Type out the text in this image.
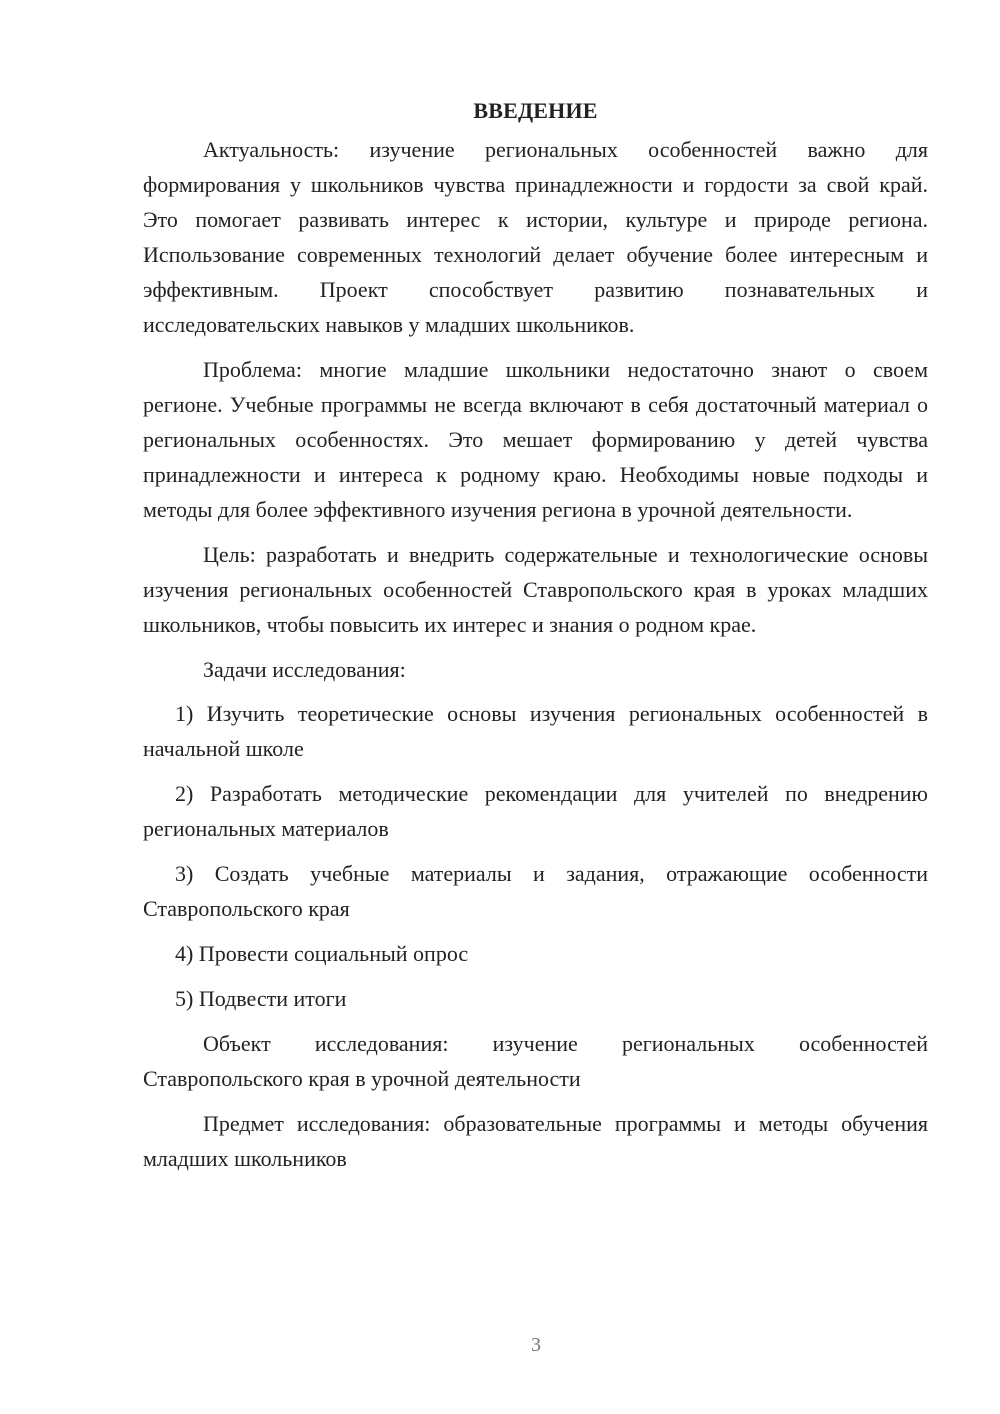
ВВЕДЕНИЕ

Актуальность: изучение региональных особенностей важно для формирования у школьников чувства принадлежности и гордости за свой край. Это помогает развивать интерес к истории, культуре и природе региона. Использование современных технологий делает обучение более интересным и эффективным. Проект способствует развитию познавательных и исследовательских навыков у младших школьников.

Проблема: многие младшие школьники недостаточно знают о своем регионе. Учебные программы не всегда включают в себя достаточный материал о региональных особенностях. Это мешает формированию у детей чувства принадлежности и интереса к родному краю. Необходимы новые подходы и методы для более эффективного изучения региона в урочной деятельности.

Цель: разработать и внедрить содержательные и технологические основы изучения региональных особенностей Ставропольского края в уроках младших школьников, чтобы повысить их интерес и знания о родном крае.

Задачи исследования:

1) Изучить теоретические основы изучения региональных особенностей в начальной школе
2) Разработать методические рекомендации для учителей по внедрению региональных материалов
3) Создать учебные материалы и задания, отражающие особенности Ставропольского края
4) Провести социальный опрос
5) Подвести итоги

Объект исследования: изучение региональных особенностей Ставропольского края в урочной деятельности

Предмет исследования: образовательные программы и методы обучения младших школьников

3
